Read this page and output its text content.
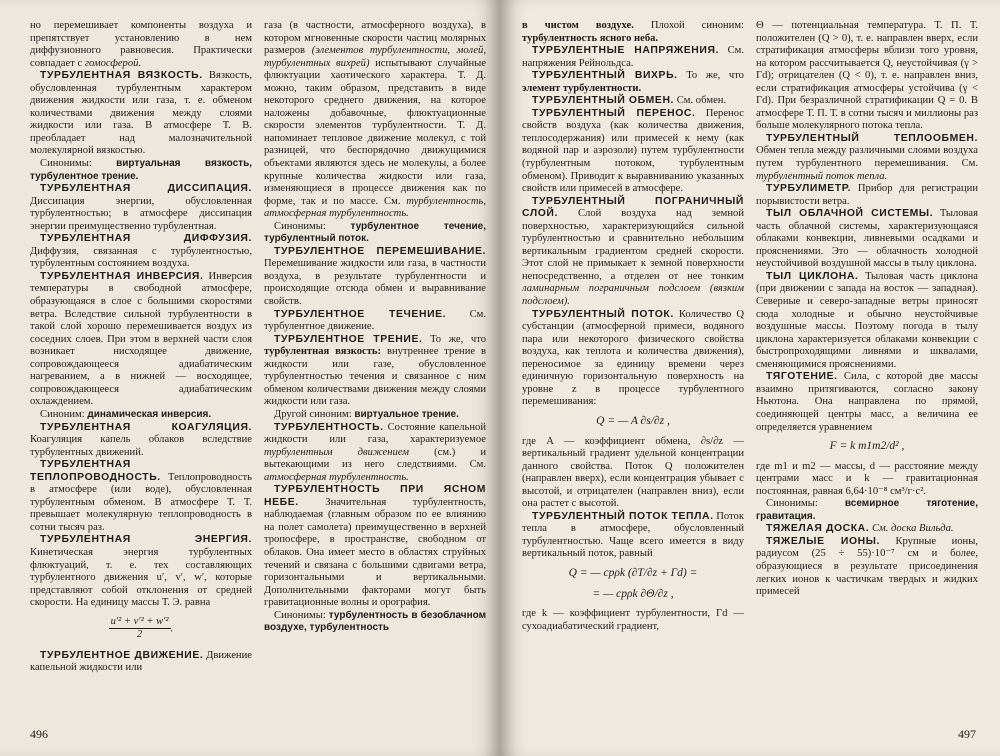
но перемешивает компоненты воздуха и препятствует установлению в нем диффузионного равновесия. Практически совпадает с гомосферой.

ТУРБУЛЕНТНАЯ ВЯЗКОСТЬ. Вязкость, обусловленная турбулентным характером движения жидкости или газа, т. е. обменом количествами движения между слоями жидкости или газа. В атмосфере Т. В. преобладает над малозначительной молекулярной вязкостью.

Синонимы: виртуальная вязкость, турбулентное трение.

ТУРБУЛЕНТНАЯ ДИССИПАЦИЯ. Диссипация энергии, обусловленная турбулентностью; в атмосфере диссипация энергии преимущественно турбулентная.

ТУРБУЛЕНТНАЯ ДИФФУЗИЯ. Диффузия, связанная с турбулентностью, турбулентным состоянием воздуха.

ТУРБУЛЕНТНАЯ ИНВЕРСИЯ. Инверсия температуры в свободной атмосфере, образующаяся в слое с большими скоростями ветра. Вследствие сильной турбулентности в такой слой хорошо перемешивается воздух из соседних слоев. При этом в верхней части слоя возникает нисходящее движение, сопровождающееся адиабатическим нагреванием, а в нижней — восходящее, сопровождающееся адиабатическим охлаждением.

Синоним: динамическая инверсия.

ТУРБУЛЕНТНАЯ КОАГУЛЯЦИЯ. Коагуляция капель облаков вследствие турбулентных движений.

ТУРБУЛЕНТНАЯ ТЕПЛОПРОВОДНОСТЬ. Теплопроводность в атмосфере (или воде), обусловленная турбулентным обменом. В атмосфере Т. Т. превышает молекулярную теплопроводность в сотни тысяч раз.

ТУРБУЛЕНТНАЯ ЭНЕРГИЯ. Кинетическая энергия турбулентных флюктуаций, т. е. тех составляющих турбулентного движения u′, v′, w′, которые представляют собой отклонения от средней скорости. На единицу массы Т. Э. равна

$\frac{\text{u′² + v′² + w′²}}{2}$ .

ТУРБУЛЕНТНОЕ ДВИЖЕНИЕ. Движение капельной жидкости или

газа (в частности, атмосферного воздуха), в котором мгновенные скорости частиц молярных размеров (элементов турбулентности, молей, турбулентных вихрей) испытывают случайные флюктуации хаотического характера. Т. Д. можно, таким образом, представить в виде некоторого среднего движения, на которое наложены добавочные, флюктуационные скорости элементов турбулентности. Т. Д. напоминает тепловое движение молекул, с той разницей, что беспорядочно движущимися объектами являются здесь не молекулы, а более крупные количества жидкости или газа, изменяющиеся в процессе движения как по форме, так и по массе. См. турбулентность, атмосферная турбулентность.

Синонимы: турбулентное течение, турбулентный поток.

ТУРБУЛЕНТНОЕ ПЕРЕМЕШИВАНИЕ. Перемешивание жидкости или газа, в частности воздуха, в результате турбулентности и происходящие отсюда обмен и выравнивание свойств.

ТУРБУЛЕНТНОЕ ТЕЧЕНИЕ. См. турбулентное движение.

ТУРБУЛЕНТНОЕ ТРЕНИЕ. То же, что турбулентная вязкость: внутреннее трение в жидкости или газе, обусловленное турбулентностью течения и связанное с ним обменом количествами движения между слоями жидкости или газа.

Другой синоним: виртуальное трение.

ТУРБУЛЕНТНОСТЬ. Состояние капельной жидкости или газа, характеризуемое турбулентным движением (см.) и вытекающими из него следствиями. См. атмосферная турбулентность.

ТУРБУЛЕНТНОСТЬ ПРИ ЯСНОМ НЕБЕ.	Значительная турбулентность, наблюдаемая (главным образом по ее влиянию на полет самолета) преимущественно в верхней тропосфере, в пространстве, свободном от облаков. Она имеет место в областях струйных течений и связана с большими сдвигами ветра, горизонтальными и вертикальными. Дополнительными факторами могут быть гравитационные волны и орография.

Синонимы: турбулентность в безоблачном воздухе, турбулентность

496

в чистом воздухе. Плохой синоним: турбулентность ясного неба.

ТУРБУЛЕНТНЫЕ НАПРЯЖЕНИЯ. См. напряжения Рейнольдса.

ТУРБУЛЕНТНЫЙ ВИХРЬ. То же, что элемент турбулентности.

ТУРБУЛЕНТНЫЙ ОБМЕН. См. обмен.

ТУРБУЛЕНТНЫЙ ПЕРЕНОС. Перенос свойств воздуха (как количества движения, теплосодержания) или примесей к нему (как водяной пар и аэрозоли) путем турбулентности (турбулентным потоком, турбулентным обменом). Приводит к выравниванию указанных свойств или примесей в атмосфере.

ТУРБУЛЕНТНЫЙ ПОГРАНИЧНЫЙ СЛОЙ. Слой воздуха над земной поверхностью, характеризующийся сильной турбулентностью и сравнительно небольшим вертикальным градиентом средней скорости. Этот слой не примыкает к земной поверхности непосредственно, а отделен от нее тонким ламинарным пограничным подслоем (вязким подслоем).

ТУРБУЛЕНТНЫЙ ПОТОК. Количество Q субстанции (атмосферной примеси, водяного пара или некоторого физического свойства воздуха, как теплота и количества движения), переносимое за единицу времени через единичную горизонтальную поверхность на уровне z в процессе турбулентного перемешивания:

Q = — A ∂s/∂z ,

где A — коэффициент обмена, ∂s/∂z — вертикальный градиент удельной концентрации данного свойства. Поток Q положителен (направлен вверх), если концентрация убывает с высотой, и отрицателен (направлен вниз), если она растет с высотой.

ТУРБУЛЕНТНЫЙ ПОТОК ТЕПЛА. Поток тепла в атмосфере, обусловленный турбулентностью. Чаще всего имеется в виду вертикальный поток, равный

Q = — cpρk (∂T/∂z + Γd) =
= — cpρk ∂Θ/∂z ,

где k — коэффициент турбулентности, Γd — сухоадиабатический градиент,

Θ — потенциальная температура. Т. П. Т. положителен (Q > 0), т. е. направлен вверх, если стратификация атмосферы вблизи того уровня, на котором рассчитывается Q, неустойчивая (γ > Γd); отрицателен (Q < 0), т. е. направлен вниз, если стратификация атмосферы устойчива (γ < Γd). При безразличной стратификации Q = 0. В атмосфере Т. П. Т. в сотни тысяч и миллионы раз больше молекулярного потока тепла.

ТУРБУЛЕНТНЫЙ ТЕПЛООБМЕН. Обмен тепла между различными слоями воздуха путем турбулентного перемешивания. См. турбулентный поток тепла.

ТУРБУЛИМЕТР. Прибор для регистрации порывистости ветра.

ТЫЛ ОБЛАЧНОЙ СИСТЕМЫ. Тыловая часть облачной системы, характеризующаяся облаками конвекции, ливневыми осадками и прояснениями. Это — облачность холодной неустойчивой воздушной массы в тылу циклона.

ТЫЛ ЦИКЛОНА. Тыловая часть циклона (при движении с запада на восток — западная). Северные и северо-западные ветры приносят сюда холодные и обычно неустойчивые воздушные массы. Поэтому погода в тылу циклона характеризуется облаками конвекции с быстропроходящими ливнями и шквалами, сменяющимися прояснениями.

ТЯГОТЕНИЕ. Сила, с которой две массы взаимно притягиваются, согласно закону Ньютона. Она направлена по прямой, соединяющей центры масс, а величина ее определяется уравнением

F = k m1m2/d² ,

где m1 и m2 — массы, d — расстояние между центрами масс и k — гравитационная постоянная, равная 6,64·10⁻⁸ см³/г·с².

Синонимы:	всемирное тяготение, гравитация.

ТЯЖЕЛАЯ ДОСКА. См. доска Вильда.

ТЯЖЕЛЫЕ ИОНЫ. Крупные ионы, радиусом (25 ÷ 55)·10⁻⁷ см и более, образующиеся в результате присоединения легких ионов к частичкам твердых и жидких примесей

497
